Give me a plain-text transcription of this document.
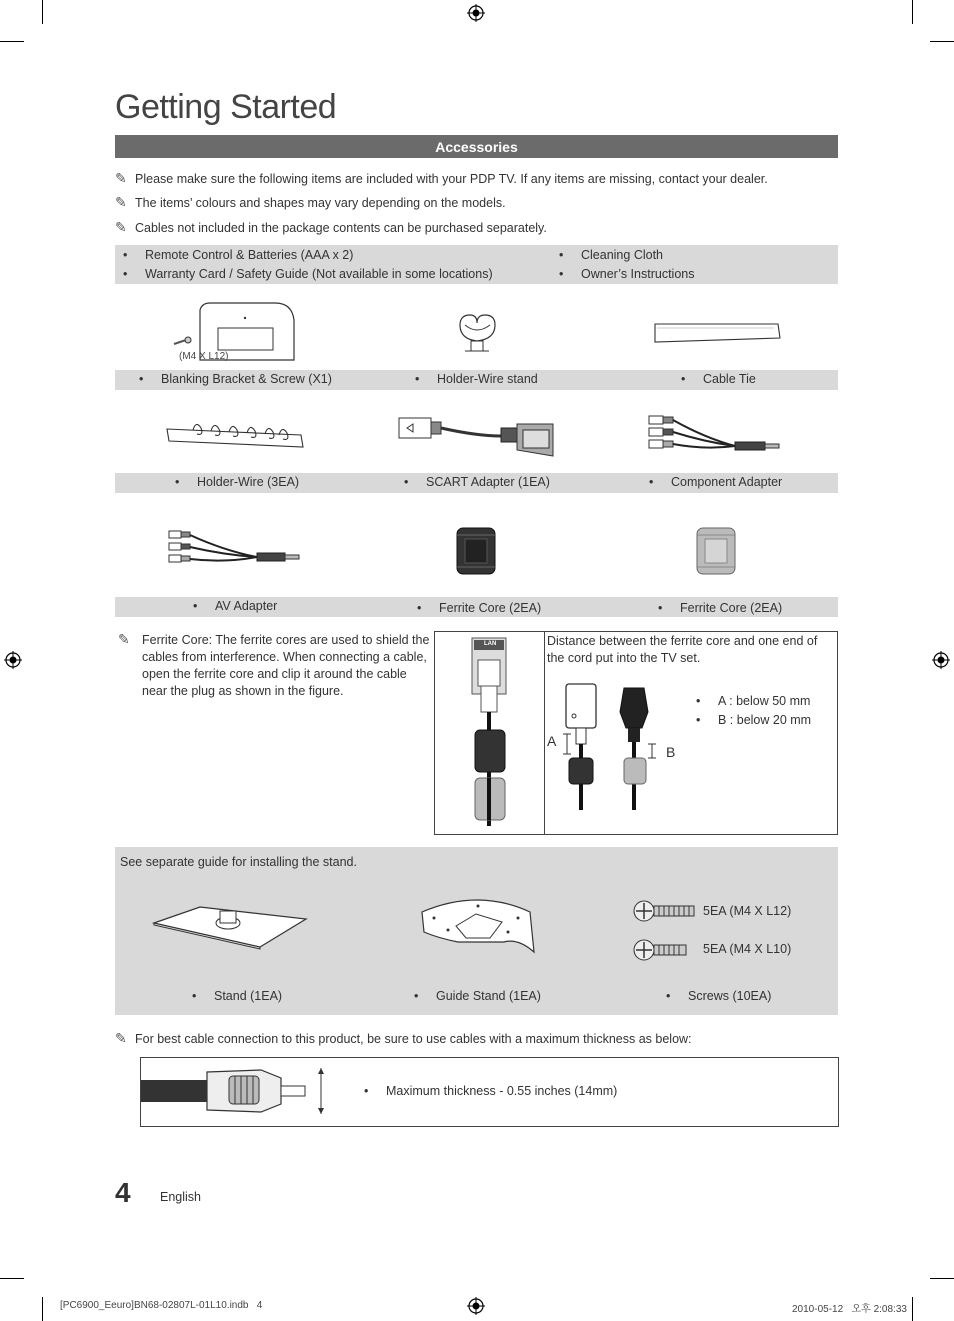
Getting Started
Accessories
✎ Please make sure the following items are included with your PDP TV. If any items are missing, contact your dealer.
✎ The items’ colours and shapes may vary depending on the models.
✎ Cables not included in the package contents can be purchased separately.
• Remote Control & Batteries (AAA x 2)
• Warranty Card / Safety Guide (Not available in some locations)
• Cleaning Cloth
• Owner’s Instructions
(M4 X L12)
• Blanking Bracket & Screw (X1)	• Holder-Wire stand	• Cable Tie
• Holder-Wire (3EA)	• SCART Adapter (1EA)	• Component Adapter
• AV Adapter	• Ferrite Core (2EA)	• Ferrite Core (2EA)
✎ Ferrite Core: The ferrite cores are used to shield the cables from interference. When connecting a cable, open the ferrite core and clip it around the cable near the plug as shown in the figure.
LAN	Distance between the ferrite core and one end of the cord put into the TV set.
A
B
• A : below 50 mm
• B : below 20 mm
See separate guide for installing the stand.
5EA (M4 X L12)
5EA (M4 X L10)
• Stand (1EA)	• Guide Stand (1EA)	• Screws (10EA)
✎ For best cable connection to this product, be sure to use cables with a maximum thickness as below:
• Maximum thickness - 0.55 inches (14mm)
4 English
[PC6900_Eeuro]BN68-02807L-01L10.indb   4	2010-05-12   오후 2:08:33
